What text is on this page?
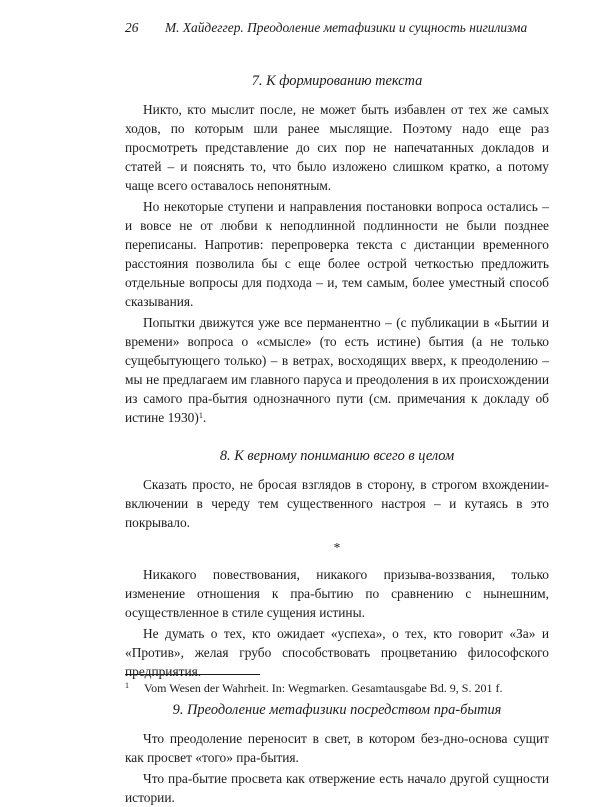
26 М. Хайдеггер. Преодоление метафизики и сущность нигилизма
7. К формированию текста

Никто, кто мыслит после, не может быть избавлен от тех же самых ходов, по которым шли ранее мыслящие. Поэтому надо еще раз просмотреть представление до сих пор не напечатанных докладов и статей – и пояснять то, что было изложено слишком кратко, а потому чаще всего оставалось непонятным.

Но некоторые ступени и направления постановки вопроса остались – и вовсе не от любви к неподлинной подлинности не были позднее переписаны. Напротив: перепроверка текста с дистанции временного расстояния позволила бы с еще более острой четкостью предложить отдельные вопросы для подхода – и, тем самым, более уместный способ сказывания.

Попытки движутся уже все перманентно – (с публикации в «Бытии и времени» вопроса о «смысле» (то есть истине) бытия (а не только сущебытующего только) – в ветрах, восходящих вверх, к преодолению – мы не предлагаем им главного паруса и преодоления в их происхождении из самого пра-бытия однозначного пути (см. примечания к докладу об истине 1930)$^1$.

8. К верному пониманию всего в целом

Сказать просто, не бросая взглядов в сторону, в строгом вхождении-включении в череду тем существенного настроя – и кутаясь в это покрывало.

*

Никакого повествования, никакого призыва-воззвания, только изменение отношения к пра-бытию по сравнению с нынешним, осуществленное в стиле сущения истины.

Не думать о тех, кто ожидает «успеха», о тех, кто говорит «За» и «Против», желая грубо способствовать процветанию философского предприятия.

9. Преодоление метафизики посредством пра-бытия

Что преодоление переносит в свет, в котором без-дно-основа сущит как просвет «того» пра-бытия.

Что пра-бытие просвета как отвержение есть начало другой сущности истории.

$^1$ Vom Wesen der Wahrheit. In: Wegmarken. Gesamtausgabe Bd. 9, S. 201 f.
